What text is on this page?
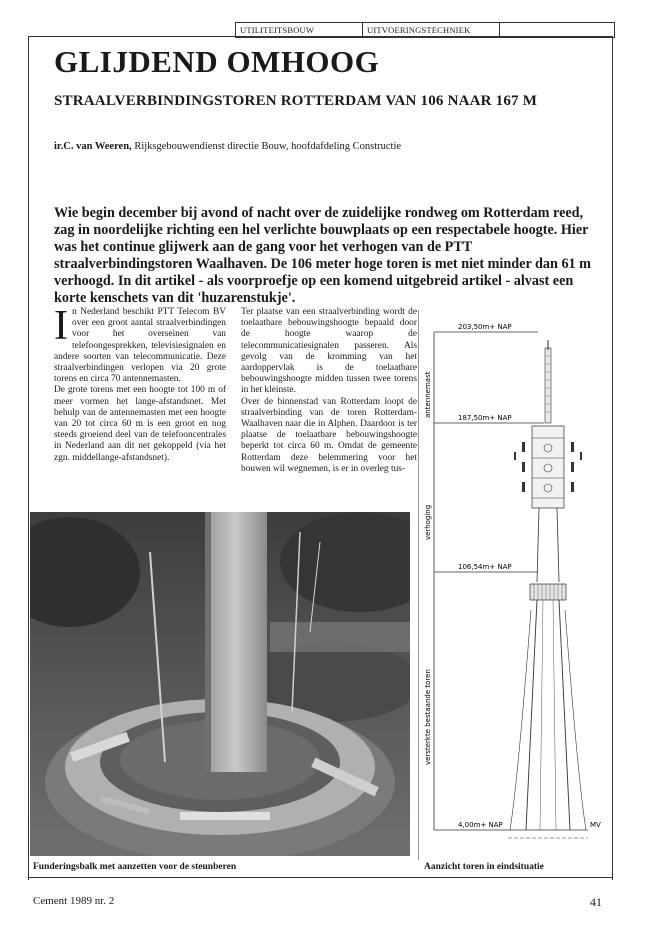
UTILITEITSBOUW	UITVOERINGSTECHNIEK
GLIJDEND OMHOOG
STRAALVERBINDINGSTOREN ROTTERDAM VAN 106 NAAR 167 M
ir.C. van Weeren, Rijksgebouwendienst directie Bouw, hoofdafdeling Constructie

Wie begin december bij avond of nacht over de zuidelijke rondweg om Rotterdam reed, zag in noordelijke richting een hel verlichte bouwplaats op een respectabele hoogte. Hier was het continue glijwerk aan de gang voor het verhogen van de PTT straalverbindingstoren Waalhaven. De 106 meter hoge toren is met niet minder dan 61 m verhoogd. In dit artikel - als voorproefje op een komend uitgebreid artikel - alvast een korte kenschets van dit 'huzarenstukje'.

I n Nederland beschikt PTT Telecom BV over een groot aantal straalverbindingen voor het overseinen van telefoongesprekken, televisiesignalen en andere soorten van telecommunicatie. Deze straalverbindingen verlopen via 20 grote torens en circa 70 antennemasten.

De grote torens met een hoogte tot 100 m of meer vormen het lange-afstandsnet. Met behulp van de antennemasten met een hoogte van 20 tot circa 60 m is een groot en nog steeds groeiend deel van de telefooncentrales in Nederland aan dit net gekoppeld (via het zgn. middellange-afstandsnet).

Ter plaatse van een straalverbinding wordt de toelaatbare bebouwingshoogte bepaald door de hoogte waarop de telecommunicatiesignalen passeren. Als gevolg van de kromming van het aardoppervlak is de toelaatbare bebouwingshoogte midden tussen twee torens in het kleinste.

Over de binnenstad van Rotterdam loopt de straalverbinding van de toren Rotterdam-Waalhaven naar die in Alphen. Daardoor is ter plaatse de toelaatbare bebouwingshoogte beperkt tot circa 60 m. Omdat de gemeente Rotterdam deze belemmering voor het bouwen wil wegnemen, is er in overleg tus-

203,50m+ NAP
187,50m+ NAP
106,54m+ NAP
4,00m+ NAP	MV
antennemast
verhoging
versterkte bestaande toren
Funderingsbalk met aanzetten voor de steunberen	Aanzicht toren in eindsituatie
Cement 1989 nr. 2	41
